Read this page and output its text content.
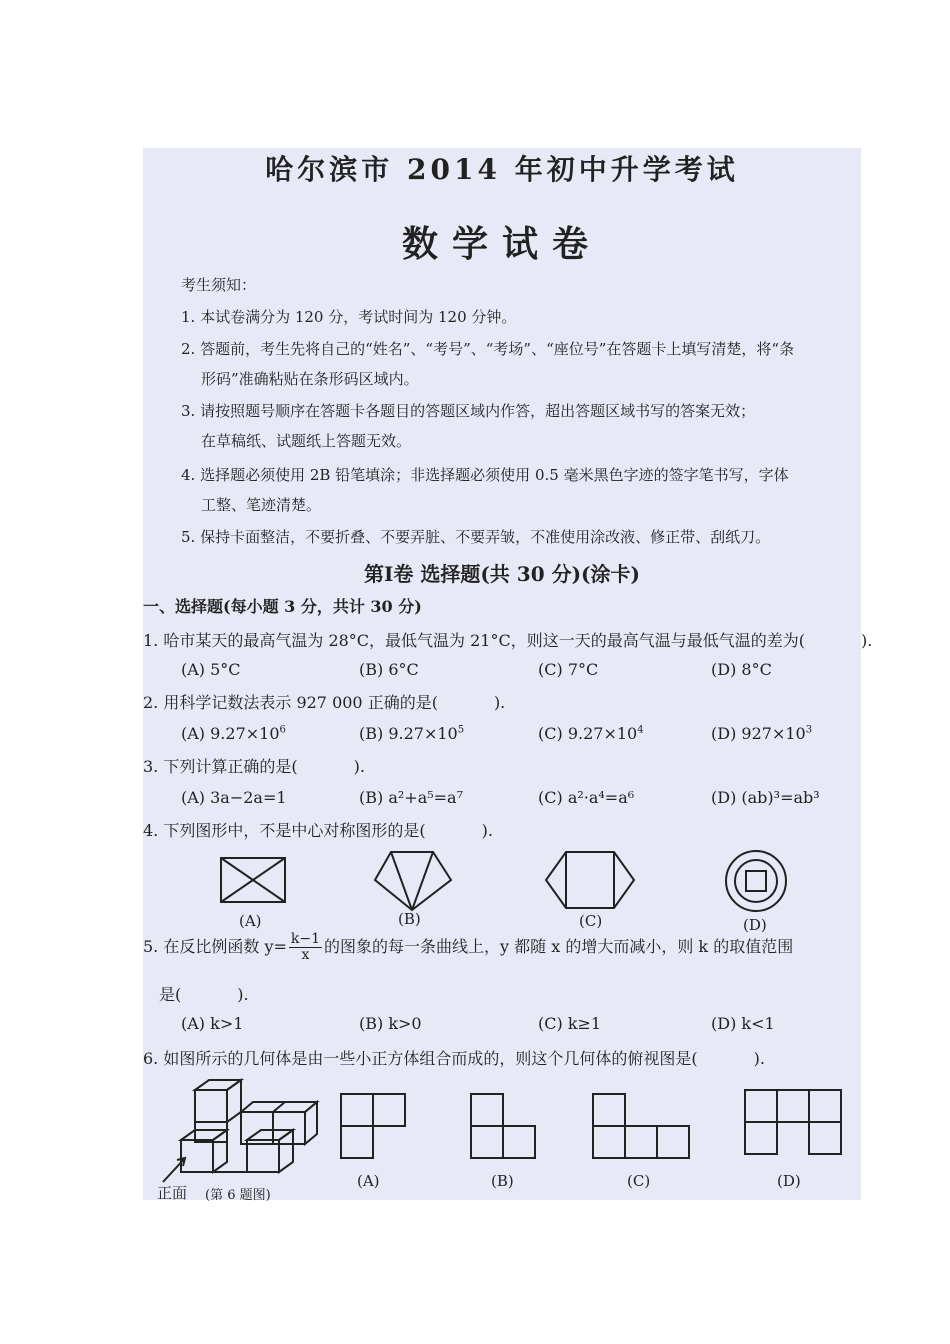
哈尔滨市 2014 年初中升学考试
数学试卷
考生须知：
1. 本试卷满分为 120 分，考试时间为 120 分钟。
2. 答题前，考生先将自己的“姓名”、“考号”、“考场”、“座位号”在答题卡上填写清楚，将“条
形码”准确粘贴在条形码区域内。
3. 请按照题号顺序在答题卡各题目的答题区域内作答，超出答题区域书写的答案无效；
在草稿纸、试题纸上答题无效。
4. 选择题必须使用 2B 铅笔填涂；非选择题必须使用 0.5 毫米黑色字迹的签字笔书写，字体
工整、笔迹清楚。
5. 保持卡面整洁，不要折叠、不要弄脏、不要弄皱，不准使用涂改液、修正带、刮纸刀。
第Ⅰ卷 选择题(共 30 分)(涂卡)
一、选择题(每小题 3 分，共计 30 分)
1. 哈市某天的最高气温为 28°C，最低气温为 21°C，则这一天的最高气温与最低气温的差为(	).
(A) 5°C	(B) 6°C	(C) 7°C	(D) 8°C
2. 用科学记数法表示 927 000 正确的是(	).
(A) $9.27\times 10^6$	(B) $9.27\times 10^5$	(C) $9.27\times 10^4$	(D) $927\times 10^3$
3. 下列计算正确的是(	).
(A) 3a−2a=1	(B) a²+a⁵=a⁷	(C) a²·a⁴=a⁶	(D) (ab)³=ab³
4. 下列图形中，不是中心对称图形的是(	).
(A)	(B)	(C)	(D)
5. 在反比例函数 $y= \frac{k-1}{x}$ 的图象的每一条曲线上，y 都随 x 的增大而减小，则 k 的取值范围
是(	).
(A) k>1	(B) k>0	(C) k≥1	(D) k<1
6. 如图所示的几何体是由一些小正方体组合而成的，则这个几何体的俯视图是(	).
正面 (第 6 题图)
(A)	(B)	(C)	(D)
